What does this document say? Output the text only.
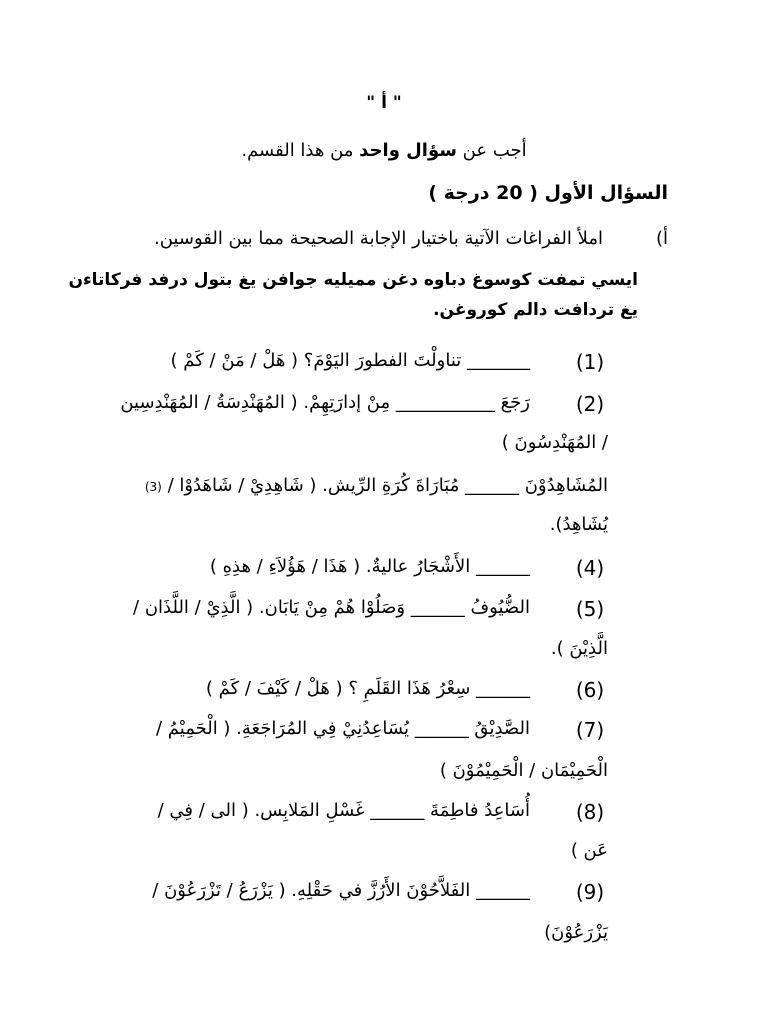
" أ "
أجب عن سؤال واحد من هذا القسم.
السؤال الأول ( 20 درجة )
أ)
املأ الفراغات الآتية باختيار الإجابة الصحيحة مما بين القوسين.
ايسي تمفت كوسوغ دباوه دغن مميليه جوافن يغ بتول درفد فركاتاءن
يغ تردافت دالم كوروغن.
(1)
_______ تناولْتَ الفطورَ اليَوْمَ؟ ( هَلْ / مَنْ / كَمْ )
(2)
رَجَعَ ___________ مِنْ إدارَتِهِمْ. ( المُهَنْدِسَةُ / المُهَنْدِسِين
/ المُهَنْدِسُونَ )
المُشَاهِدُوْنَ ______ مُبَارَاةَ كُرَةِ الرِّيش. ( شَاهِدِيْ / شَاهَدُوْا / (3)
يُشَاهِدُ).
(4)
______ الأَشْجَارُ عاليةٌ. ( هَذَا / هَؤُلاَءِ / هذِهِ )
(5)
الضُّيُوفُ ______ وَصَلُوْا هُمْ مِنْ يَابَان. ( الَّذِيْ / اللَّذَان /
الَّذِيْنَ ).
(6)
______ سِعْرُ هَذَا القَلَمِ ؟ ( هَلْ / كَيْفَ / كَمْ )
(7)
الصَّدِيْقُ ______ يُسَاعِدُنِيْ فِي المُرَاجَعَةِ. ( الْحَمِيْمُ /
الْحَمِيْمَان / الْحَمِيْمُوْنَ )
(8)
أُسَاعِدُ فاطِمَةَ ______ غَسْلِ المَلابِس. ( الى / فِي /
عَن )
(9)
______ الفَلاَّحُوْنَ الأَرُزَّ في حَقْلِهِ. ( يَزْرَعُ / تَزْرَعُوْنَ /
يَزْرَعُوْنَ)
